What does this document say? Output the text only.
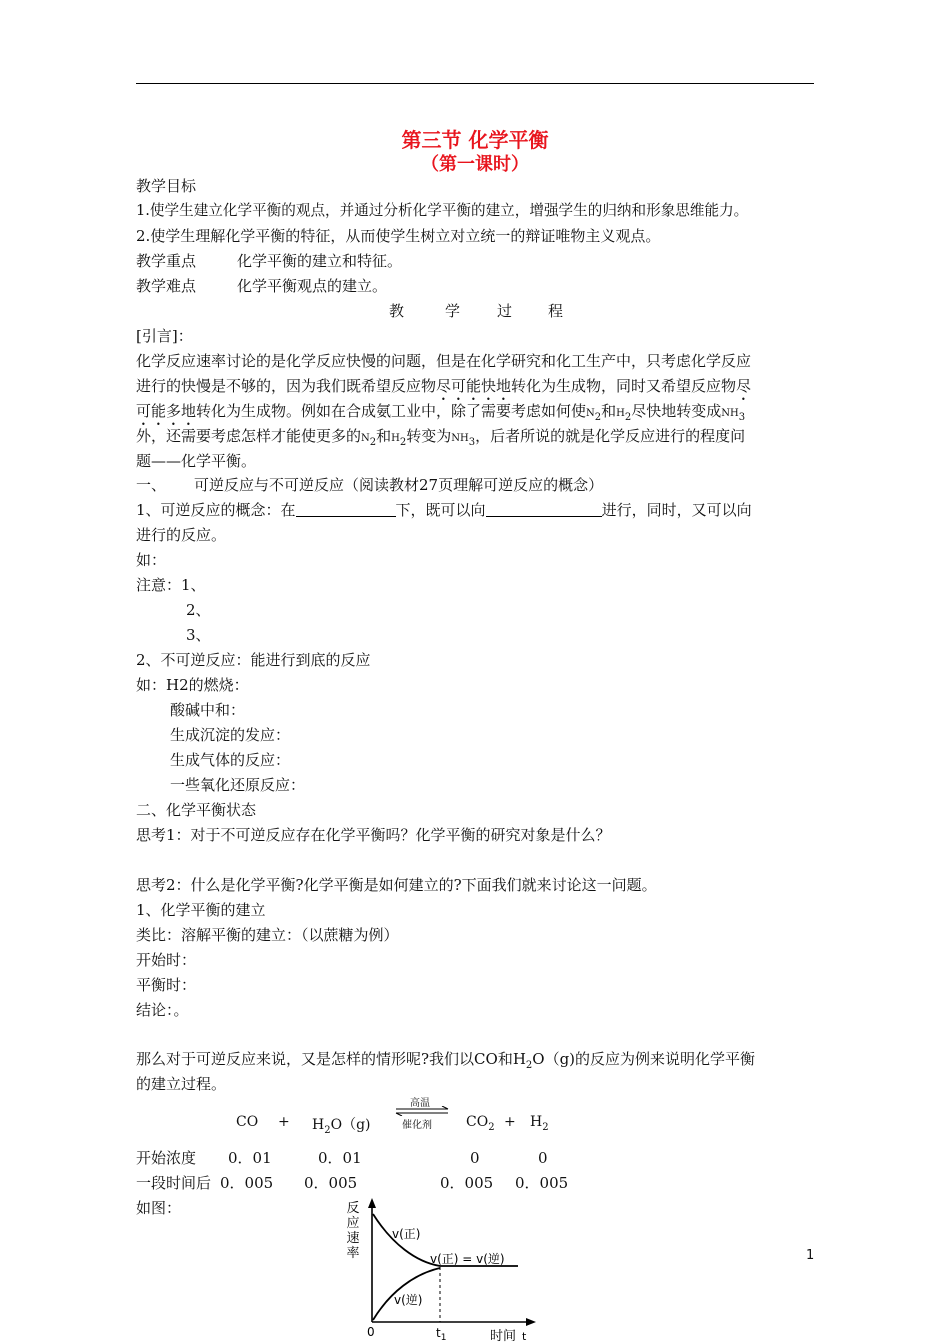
第三节 化学平衡
（第一课时）
教学目标
1.使学生建立化学平衡的观点，并通过分析化学平衡的建立，增强学生的归纳和形象思维能力。
2.使学生理解化学平衡的特征，从而使学生树立对立统一的辩证唯物主义观点。
教学重点	化学平衡的建立和特征。
教学难点	化学平衡观点的建立。
教	学 过 程
[引言]：
化学反应速率讨论的是化学反应快慢的问题，但是在化学研究和化工生产中，只考虑化学反应
进行的快慢是不够的，因为我们既希望反应物尽可能快地转化为生成物，同时又希望反应物尽
可能多地转化为生成物。例如在合成氨工业中，除了需要考虑如何使$N_2$和$H_2$尽快地转变成$NH_3$
外，还需要考虑怎样才能使更多的$N_2$和$H_2$转变为$NH_3$，后者所说的就是化学反应进行的程度问
题——化学平衡。
一、 可逆反应与不可逆反应（阅读教材27页理解可逆反应的概念）
1、可逆反应的概念：在	下，既可以向	进行，同时，又可以向
进行的反应。
如：
注意：1、
2、
3、
2、不可逆反应：能进行到底的反应
如：H2的燃烧：
酸碱中和：
生成沉淀的发应：
生成气体的反应：
一些氧化还原反应：
二、化学平衡状态
思考1：对于不可逆反应存在化学平衡吗？化学平衡的研究对象是什么？
思考2：什么是化学平衡?化学平衡是如何建立的?下面我们就来讨论这一问题。
1、化学平衡的建立
类比：溶解平衡的建立：（以蔗糖为例）
开始时：
平衡时：
结论：。
那么对于可逆反应来说，又是怎样的情形呢?我们以CO和$H_2O(g)$的反应为例来说明化学平衡
的建立过程。
CO + $H_2O(g)$
高温
催化剂 $CO_2 + H_2$
开始浓度 0．01	0．01	0	0
一段时间后 0．005 0．005	0．005 0．005
如图：	反
应
速
率
v(正)
v(正) = v(逆)
v(逆)
0	$t_1$	时间 t
1
